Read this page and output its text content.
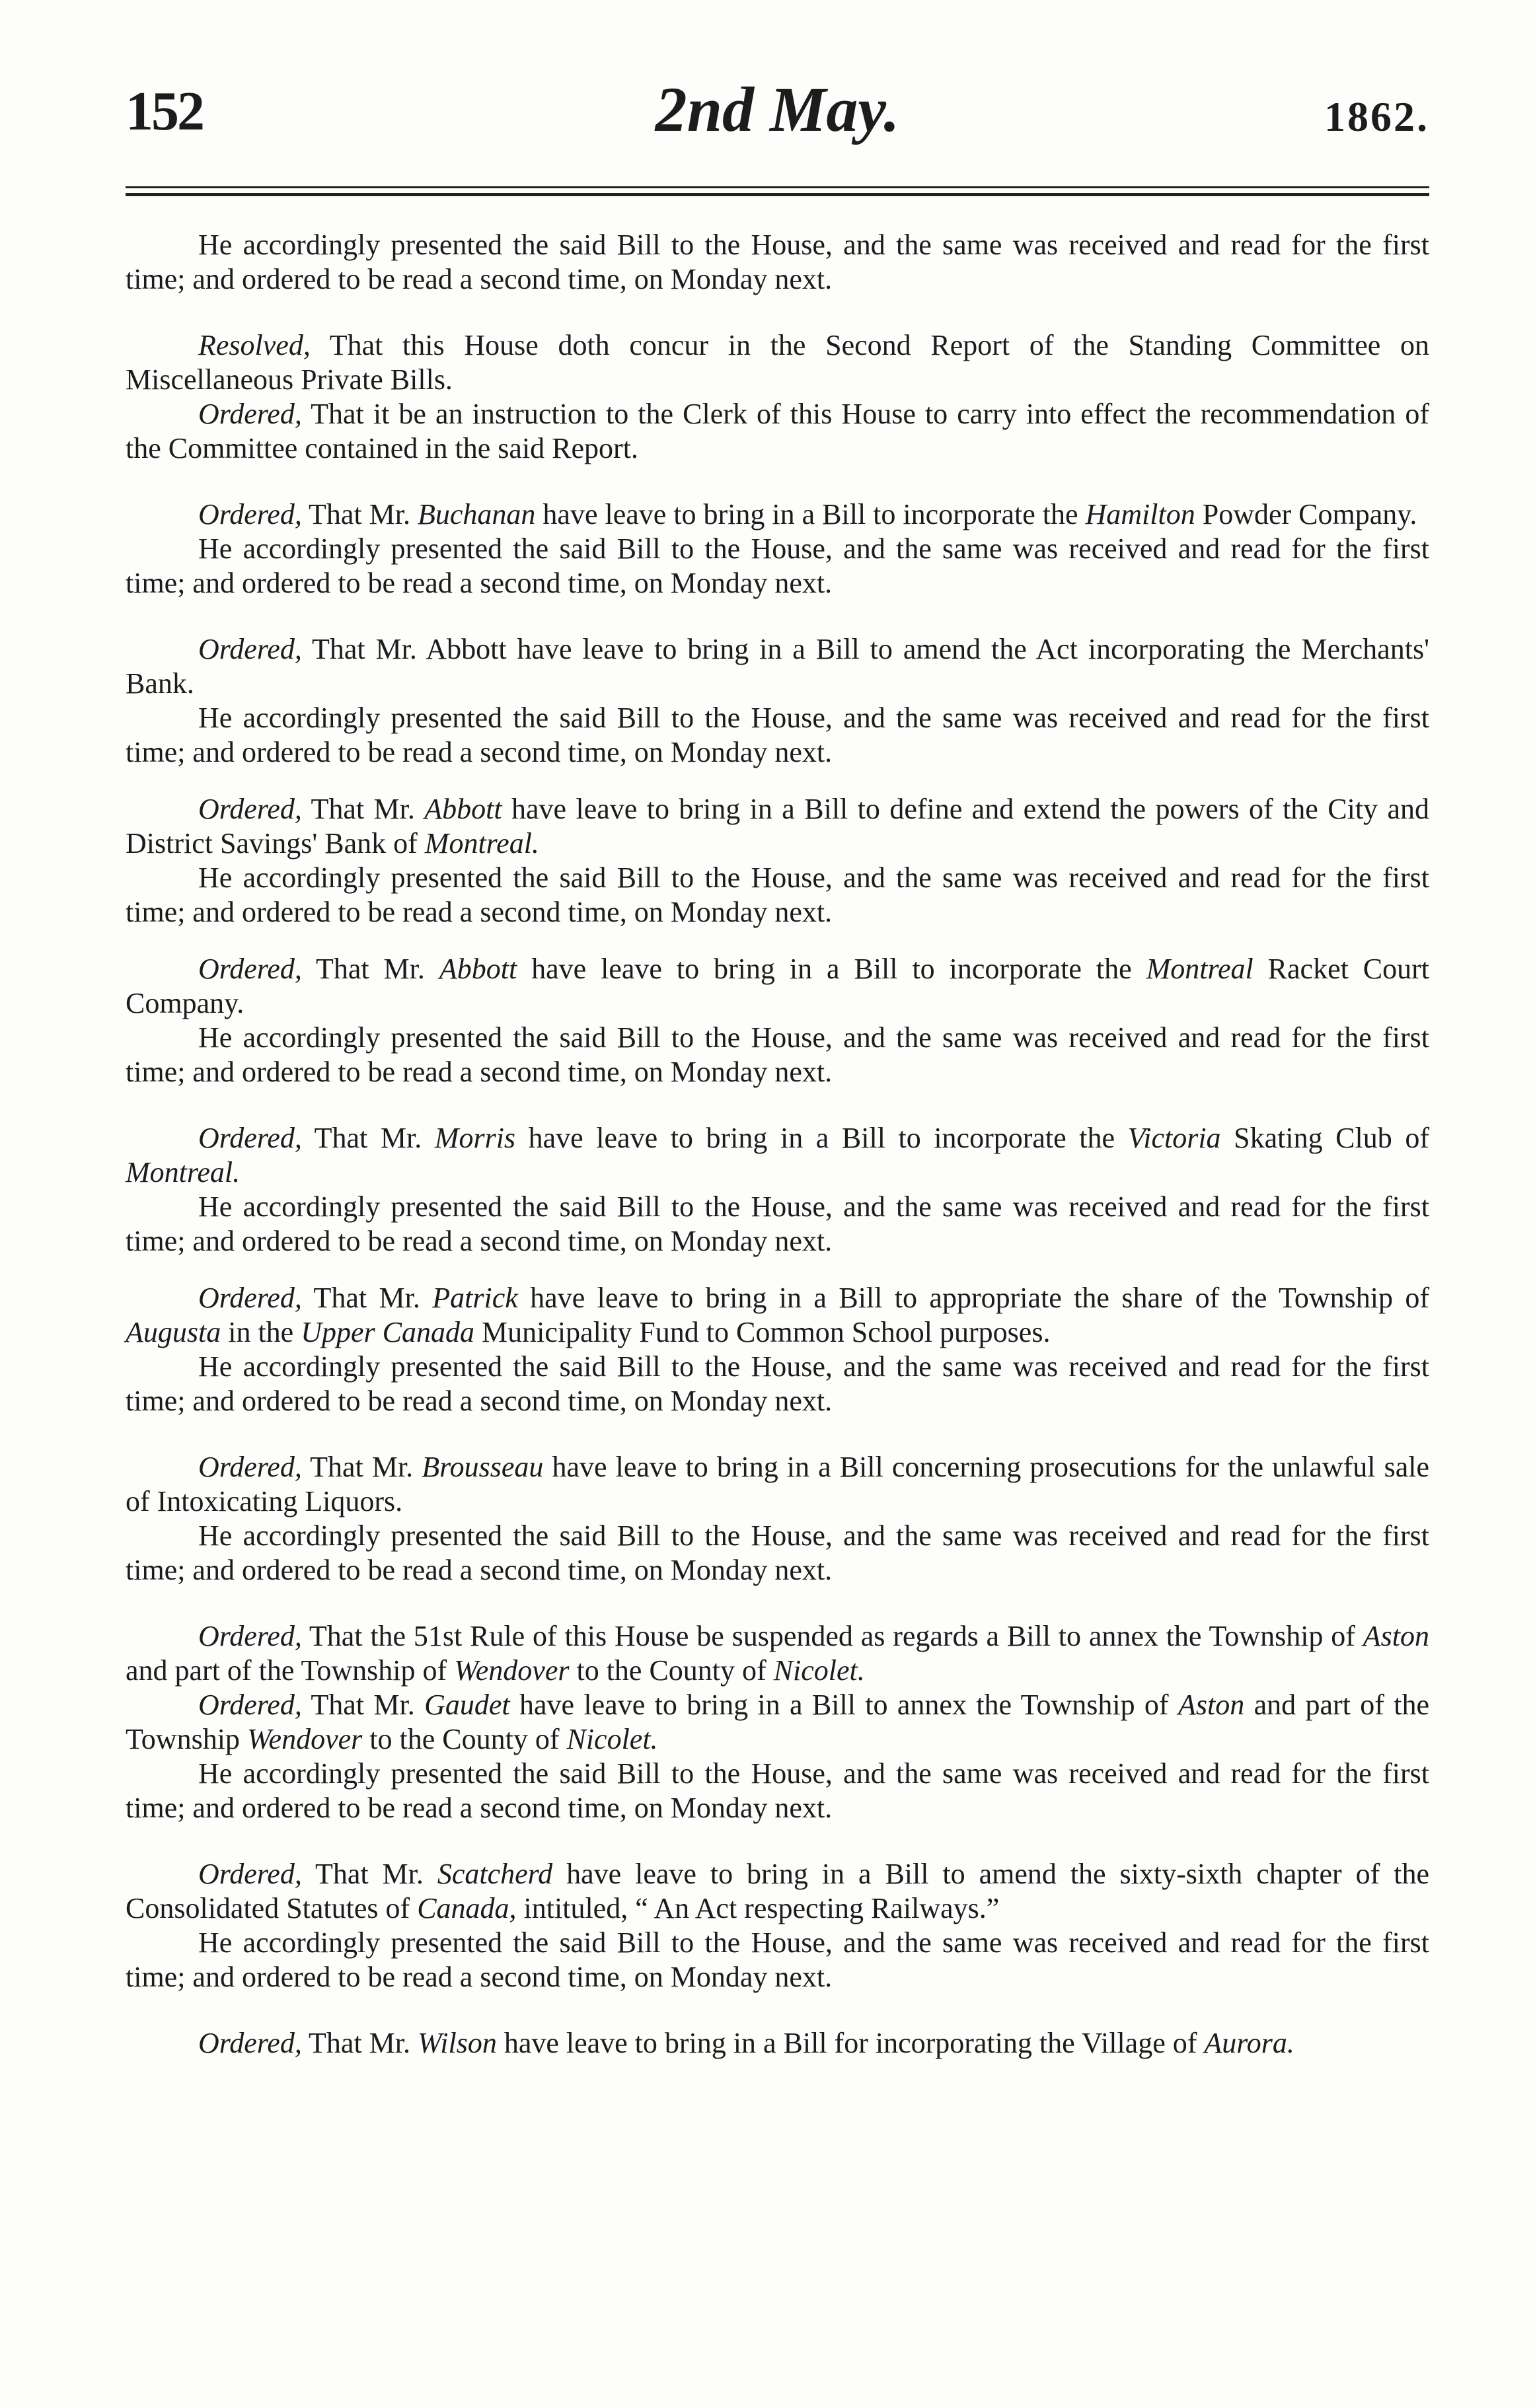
152	2nd May.	1862.
He accordingly presented the said Bill to the House, and the same was received and read for the first time; and ordered to be read a second time, on Monday next.
Resolved, That this House doth concur in the Second Report of the Standing Committee on Miscellaneous Private Bills.
Ordered, That it be an instruction to the Clerk of this House to carry into effect the recommendation of the Committee contained in the said Report.
Ordered, That Mr. Buchanan have leave to bring in a Bill to incorporate the Hamilton Powder Company.
He accordingly presented the said Bill to the House, and the same was received and read for the first time; and ordered to be read a second time, on Monday next.
Ordered, That Mr. Abbott have leave to bring in a Bill to amend the Act incorporating the Merchants' Bank.
He accordingly presented the said Bill to the House, and the same was received and read for the first time; and ordered to be read a second time, on Monday next.
Ordered, That Mr. Abbott have leave to bring in a Bill to define and extend the powers of the City and District Savings' Bank of Montreal.
He accordingly presented the said Bill to the House, and the same was received and read for the first time; and ordered to be read a second time, on Monday next.
Ordered, That Mr. Abbott have leave to bring in a Bill to incorporate the Montreal Racket Court Company.
He accordingly presented the said Bill to the House, and the same was received and read for the first time; and ordered to be read a second time, on Monday next.
Ordered, That Mr. Morris have leave to bring in a Bill to incorporate the Victoria Skating Club of Montreal.
He accordingly presented the said Bill to the House, and the same was received and read for the first time; and ordered to be read a second time, on Monday next.
Ordered, That Mr. Patrick have leave to bring in a Bill to appropriate the share of the Township of Augusta in the Upper Canada Municipality Fund to Common School purposes.
He accordingly presented the said Bill to the House, and the same was received and read for the first time; and ordered to be read a second time, on Monday next.
Ordered, That Mr. Brousseau have leave to bring in a Bill concerning prosecutions for the unlawful sale of Intoxicating Liquors.
He accordingly presented the said Bill to the House, and the same was received and read for the first time; and ordered to be read a second time, on Monday next.
Ordered, That the 51st Rule of this House be suspended as regards a Bill to annex the Township of Aston and part of the Township of Wendover to the County of Nicolet.
Ordered, That Mr. Gaudet have leave to bring in a Bill to annex the Township of Aston and part of the Township Wendover to the County of Nicolet.
He accordingly presented the said Bill to the House, and the same was received and read for the first time; and ordered to be read a second time, on Monday next.
Ordered, That Mr. Scatcherd have leave to bring in a Bill to amend the sixty-sixth chapter of the Consolidated Statutes of Canada, intituled, “ An Act respecting Railways.”
He accordingly presented the said Bill to the House, and the same was received and read for the first time; and ordered to be read a second time, on Monday next.
Ordered, That Mr. Wilson have leave to bring in a Bill for incorporating the Village of Aurora.
